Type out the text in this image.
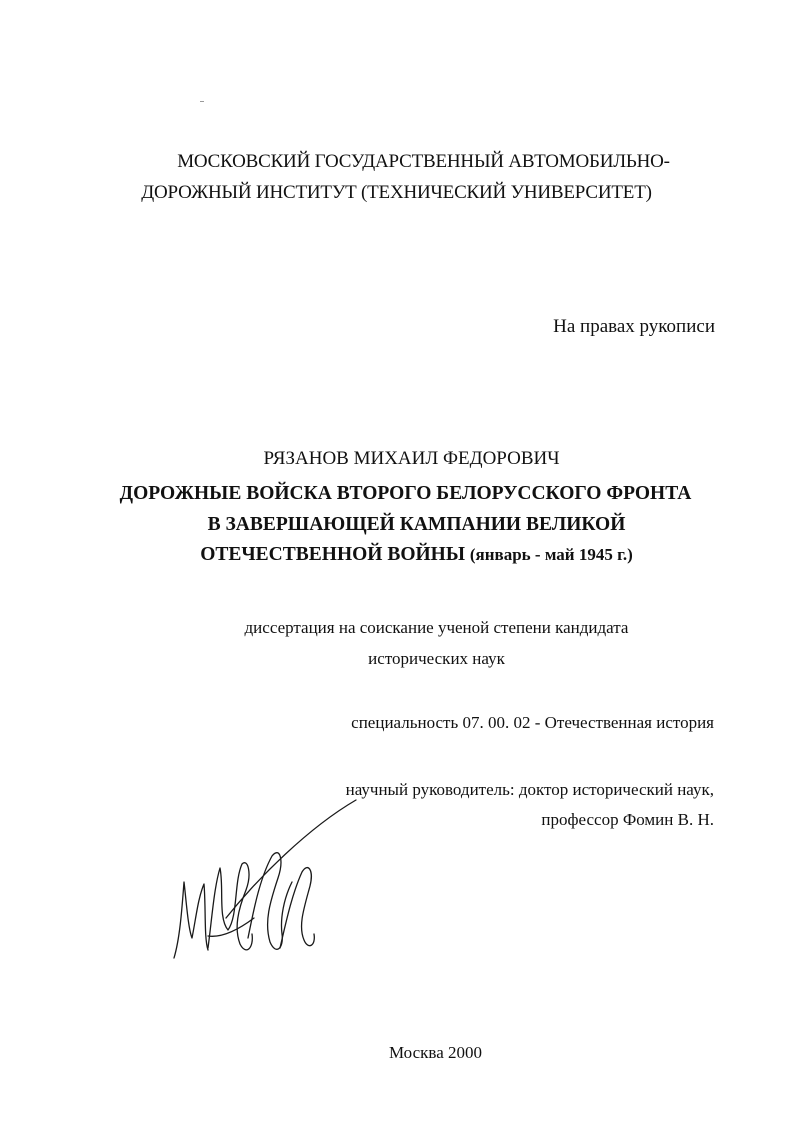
МОСКОВСКИЙ ГОСУДАРСТВЕННЫЙ АВТОМОБИЛЬНО-
ДОРОЖНЫЙ ИНСТИТУТ (ТЕХНИЧЕСКИЙ УНИВЕРСИТЕТ)
На правах рукописи
РЯЗАНОВ МИХАИЛ ФЕДОРОВИЧ
ДОРОЖНЫЕ ВОЙСКА ВТОРОГО БЕЛОРУССКОГО ФРОНТА
В ЗАВЕРШАЮЩЕЙ КАМПАНИИ ВЕЛИКОЙ
ОТЕЧЕСТВЕННОЙ ВОЙНЫ (январь - май 1945 г.)
диссертация на соискание ученой степени кандидата
исторических наук
специальность 07. 00. 02 - Отечественная история
научный руководитель: доктор исторический наук,
профессор Фомин В. Н.
Москва 2000
